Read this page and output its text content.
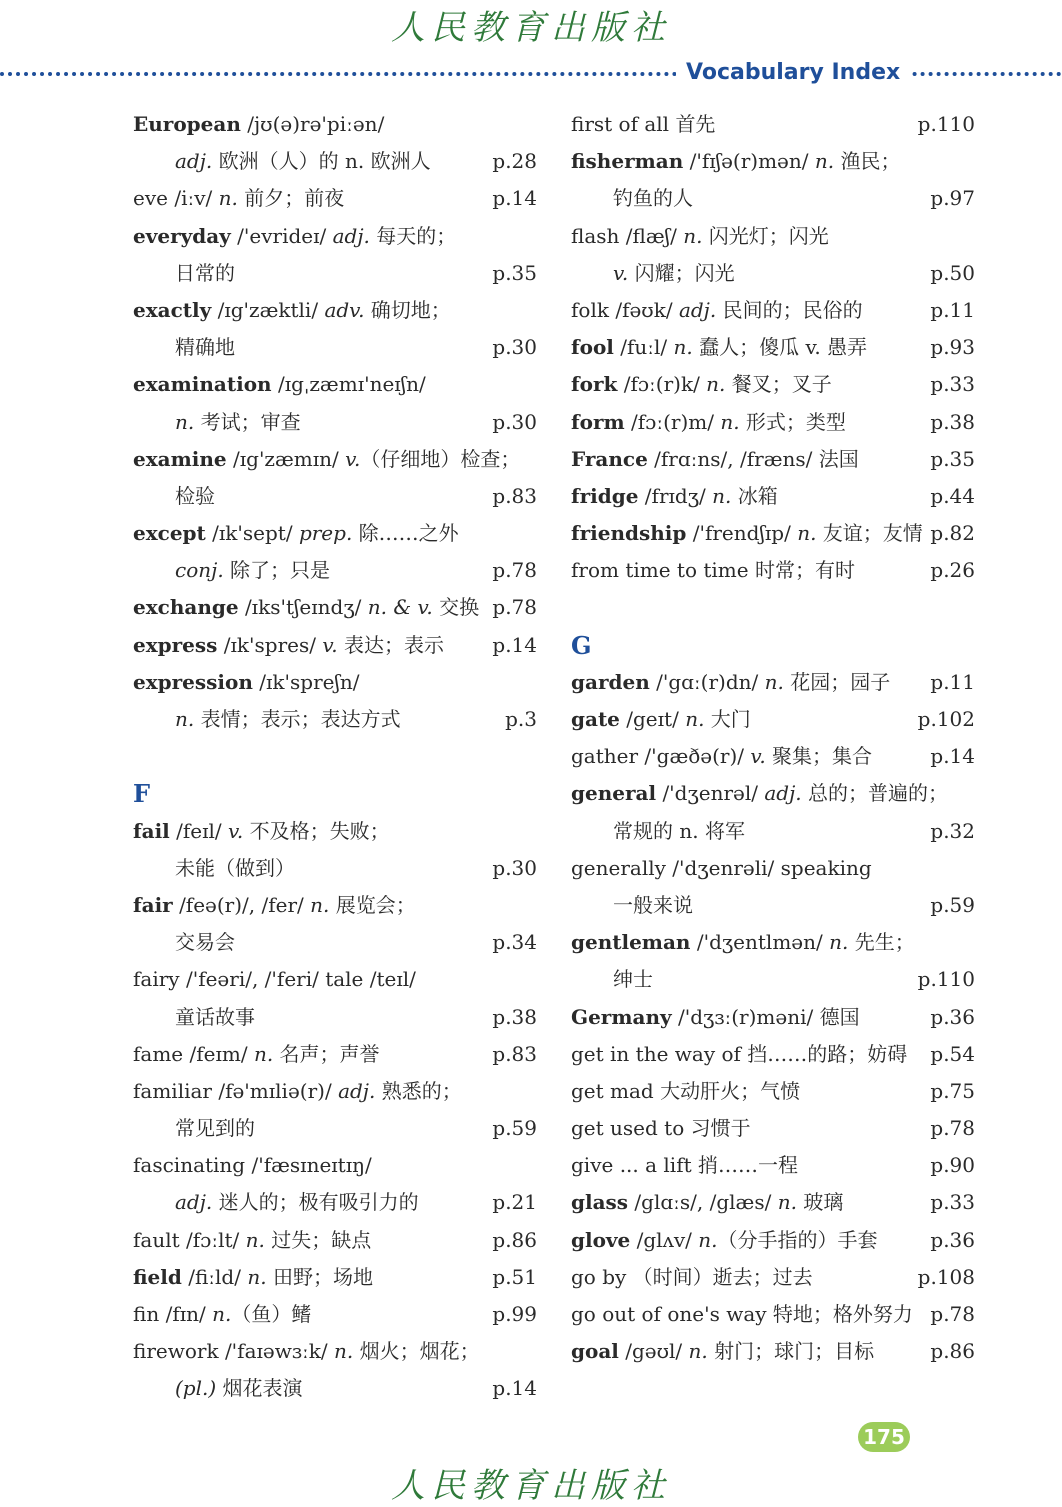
人民教育出版社
Vocabulary Index
European /jʊ(ə)rə'piːən/
adj. 欧洲（人）的 n. 欧洲人	p.28
eve /iːv/ n. 前夕；前夜	p.14
everyday /'evrideɪ/ adj. 每天的；
日常的	p.35
exactly /ɪg'zæktli/ adv. 确切地；
精确地	p.30
examination /ɪgˌzæmɪ'neɪʃn/
n. 考试；审查	p.30
examine /ɪg'zæmɪn/ v.（仔细地）检查；
检验	p.83
except /ɪk'sept/ prep. 除……之外
conj. 除了；只是	p.78
exchange /ɪks'tʃeɪndʒ/ n. & v. 交换 p.78
express /ɪk'spres/ v. 表达；表示 p.14
expression /ɪk'spreʃn/
n. 表情；表示；表达方式	p.3
F
fail /feɪl/ v. 不及格；失败；
未能（做到）	p.30
fair /feə(r)/, /fer/ n. 展览会；
交易会	p.34
fairy /'feəri/, /'feri/ tale /teɪl/
童话故事	p.38
fame /feɪm/ n. 名声；声誉	p.83
familiar /fə'mɪliə(r)/ adj. 熟悉的；
常见到的	p.59
fascinating /'fæsɪneɪtɪŋ/
adj. 迷人的；极有吸引力的	p.21
fault /fɔːlt/ n. 过失；缺点	p.86
field /fiːld/ n. 田野；场地	p.51
fin /fɪn/ n.（鱼）鳍	p.99
firework /'faɪəwɜːk/ n. 烟火；烟花；
(pl.) 烟花表演	p.14
first of all 首先	p.110
fisherman /'fɪʃə(r)mən/ n. 渔民；
钓鱼的人	p.97
flash /flæʃ/ n. 闪光灯；闪光
v. 闪耀；闪光	p.50
folk /fəʊk/ adj. 民间的；民俗的	p.11
fool /fuːl/ n. 蠢人；傻瓜 v. 愚弄	p.93
fork /fɔː(r)k/ n. 餐叉；叉子	p.33
form /fɔː(r)m/ n. 形式；类型	p.38
France /frɑːns/, /fræns/ 法国	p.35
fridge /frɪdʒ/ n. 冰箱	p.44
friendship /'frendʃɪp/ n. 友谊；友情 p.82
from time to time 时常；有时	p.26
G
garden /'gɑː(r)dn/ n. 花园；园子 p.11
gate /geɪt/ n. 大门	p.102
gather /'gæðə(r)/ v. 聚集；集合	p.14
general /'dʒenrəl/ adj. 总的；普遍的；
常规的 n. 将军	p.32
generally /'dʒenrəli/ speaking
一般来说	p.59
gentleman /'dʒentlmən/ n. 先生；
绅士	p.110
Germany /'dʒɜː(r)məni/ 德国	p.36
get in the way of 挡……的路；妨碍 p.54
get mad 大动肝火；气愤	p.75
get used to 习惯于	p.78
give ... a lift 捎……一程	p.90
glass /glɑːs/, /glæs/ n. 玻璃	p.33
glove /glʌv/ n.（分手指的）手套	p.36
go by （时间）逝去；过去	p.108
go out of one's way 特地；格外努力 p.78
goal /gəʊl/ n. 射门；球门；目标	p.86
175
人民教育出版社
